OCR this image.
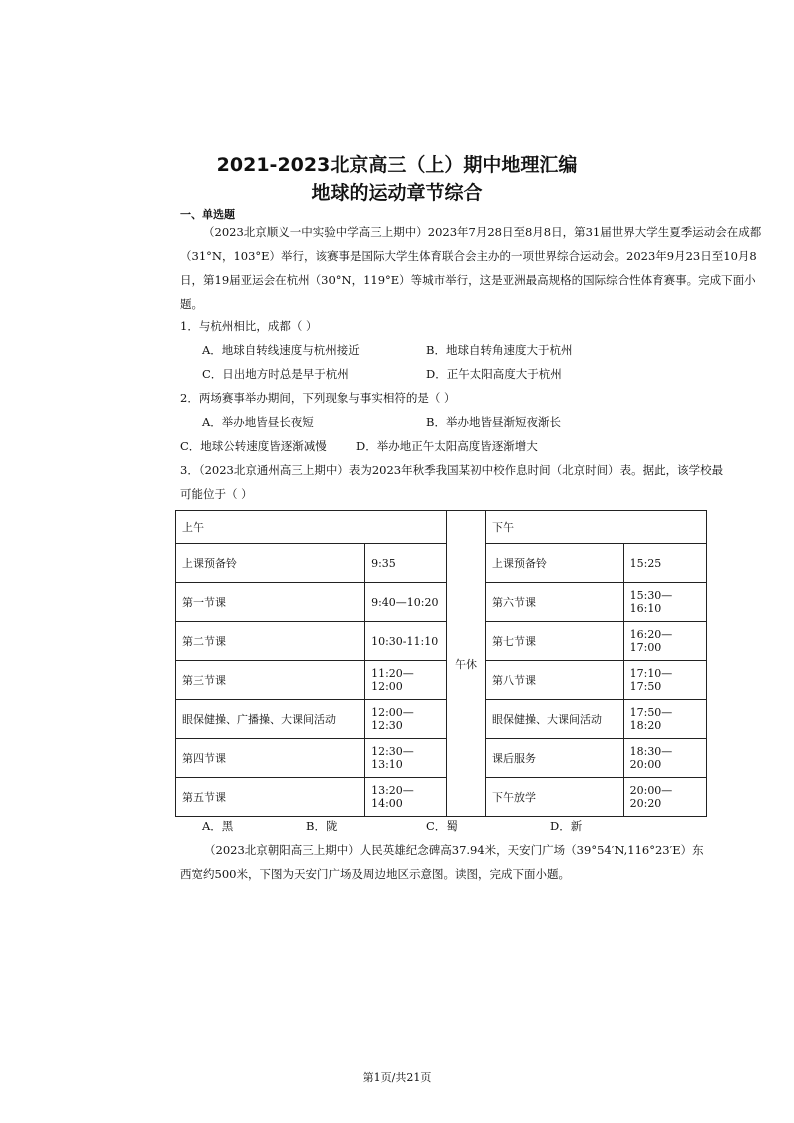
2021-2023北京高三（上）期中地理汇编
地球的运动章节综合
一、单选题
（2023北京顺义一中实验中学高三上期中）2023年7月28日至8月8日，第31届世界大学生夏季运动会在成都（31°N，103°E）举行，该赛事是国际大学生体育联合会主办的一项世界综合运动会。2023年9月23日至10月8日，第19届亚运会在杭州（30°N，119°E）等城市举行，这是亚洲最高规格的国际综合性体育赛事。完成下面小题。
1．与杭州相比，成都（ ）
A．地球自转线速度与杭州接近	B．地球自转角速度大于杭州
C．日出地方时总是早于杭州	D．正午太阳高度大于杭州
2．两场赛事举办期间，下列现象与事实相符的是（ ）
A．举办地皆昼长夜短	B．举办地皆昼渐短夜渐长
C．地球公转速度皆逐渐减慢	D．举办地正午太阳高度皆逐渐增大
3．（2023北京通州高三上期中）表为2023年秋季我国某初中校作息时间（北京时间）表。据此，该学校最
可能位于（ ）
上午		午休	下午	
上课预备铃	9:35		上课预备铃	15:25
第一节课	9:40—10:20		第六节课	15:30—16:10
第二节课	10:30-11:10		第七节课	16:20—17:00
第三节课	11:20—12:00		第八节课	17:10—17:50
眼保健操、广播操、大课间活动	12:00—12:30		眼保健操、大课间活动	17:50—18:20
第四节课	12:30—13:10		课后服务	18:30—20:00
第五节课	13:20—14:00		下午放学	20:00—20:20
A．黑	B．陇	C．蜀	D．新
（2023北京朝阳高三上期中）人民英雄纪念碑高37.94米，天安门广场（39°54′N,116°23′E）东
西宽约500米，下图为天安门广场及周边地区示意图。读图，完成下面小题。
第1页/共21页
